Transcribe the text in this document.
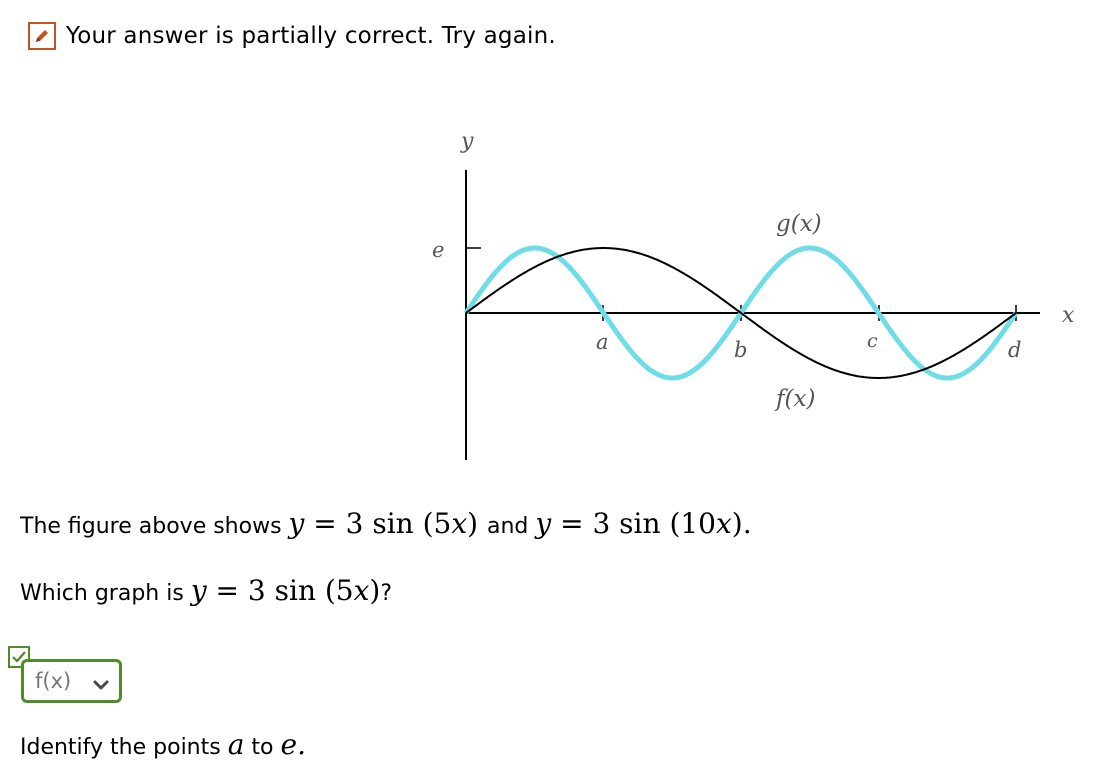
Your answer is partially correct. Try again.
y
x
e
a	b	c	d
g(x)
f(x)
The figure above shows y = 3 sin (5x) and y = 3 sin (10x).
Which graph is y = 3 sin (5x)?
f(x)
Identify the points a to e.
